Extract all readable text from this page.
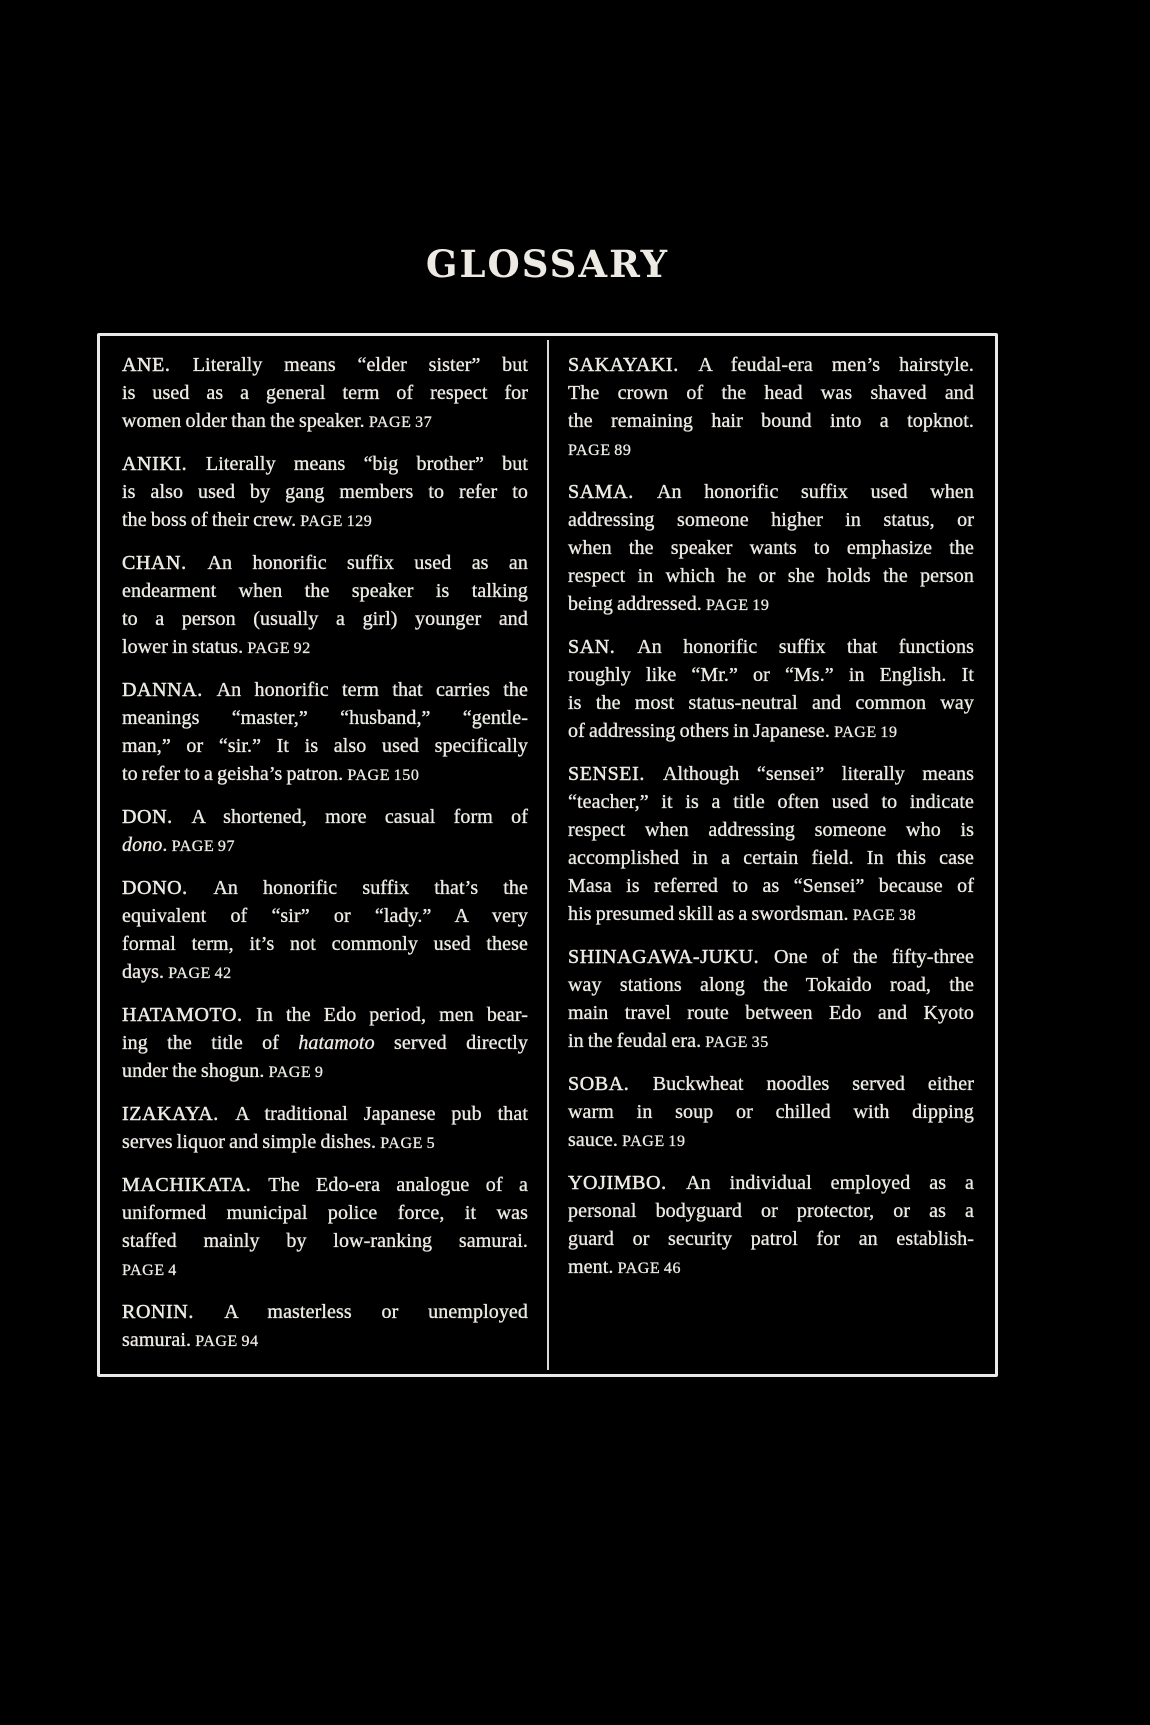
GLOSSARY
ANE. Literally means “elder sister” but
is used as a general term of respect for
women older than the speaker. PAGE 37
ANIKI. Literally means “big brother” but
is also used by gang members to refer to
the boss of their crew. PAGE 129
CHAN. An honorific suffix used as an
endearment when the speaker is talking
to a person (usually a girl) younger and
lower in status. PAGE 92
DANNA. An honorific term that carries the
meanings “master,” “husband,” “gentle-
man,” or “sir.” It is also used specifically
to refer to a geisha’s patron. PAGE 150
DON. A shortened, more casual form of
dono. PAGE 97
DONO. An honorific suffix that’s the
equivalent of “sir” or “lady.” A very
formal term, it’s not commonly used these
days. PAGE 42
HATAMOTO. In the Edo period, men bear-
ing the title of hatamoto served directly
under the shogun. PAGE 9
IZAKAYA. A traditional Japanese pub that
serves liquor and simple dishes. PAGE 5
MACHIKATA. The Edo-era analogue of a
uniformed municipal police force, it was
staffed mainly by low-ranking samurai.
PAGE 4
RONIN. A masterless or unemployed
samurai. PAGE 94
SAKAYAKI. A feudal-era men’s hairstyle.
The crown of the head was shaved and
the remaining hair bound into a topknot.
PAGE 89
SAMA. An honorific suffix used when
addressing someone higher in status, or
when the speaker wants to emphasize the
respect in which he or she holds the person
being addressed. PAGE 19
SAN. An honorific suffix that functions
roughly like “Mr.” or “Ms.” in English. It
is the most status-neutral and common way
of addressing others in Japanese. PAGE 19
SENSEI. Although “sensei” literally means
“teacher,” it is a title often used to indicate
respect when addressing someone who is
accomplished in a certain field. In this case
Masa is referred to as “Sensei” because of
his presumed skill as a swordsman. PAGE 38
SHINAGAWA-JUKU. One of the fifty-three
way stations along the Tokaido road, the
main travel route between Edo and Kyoto
in the feudal era. PAGE 35
SOBA. Buckwheat noodles served either
warm in soup or chilled with dipping
sauce. PAGE 19
YOJIMBO. An individual employed as a
personal bodyguard or protector, or as a
guard or security patrol for an establish-
ment. PAGE 46
